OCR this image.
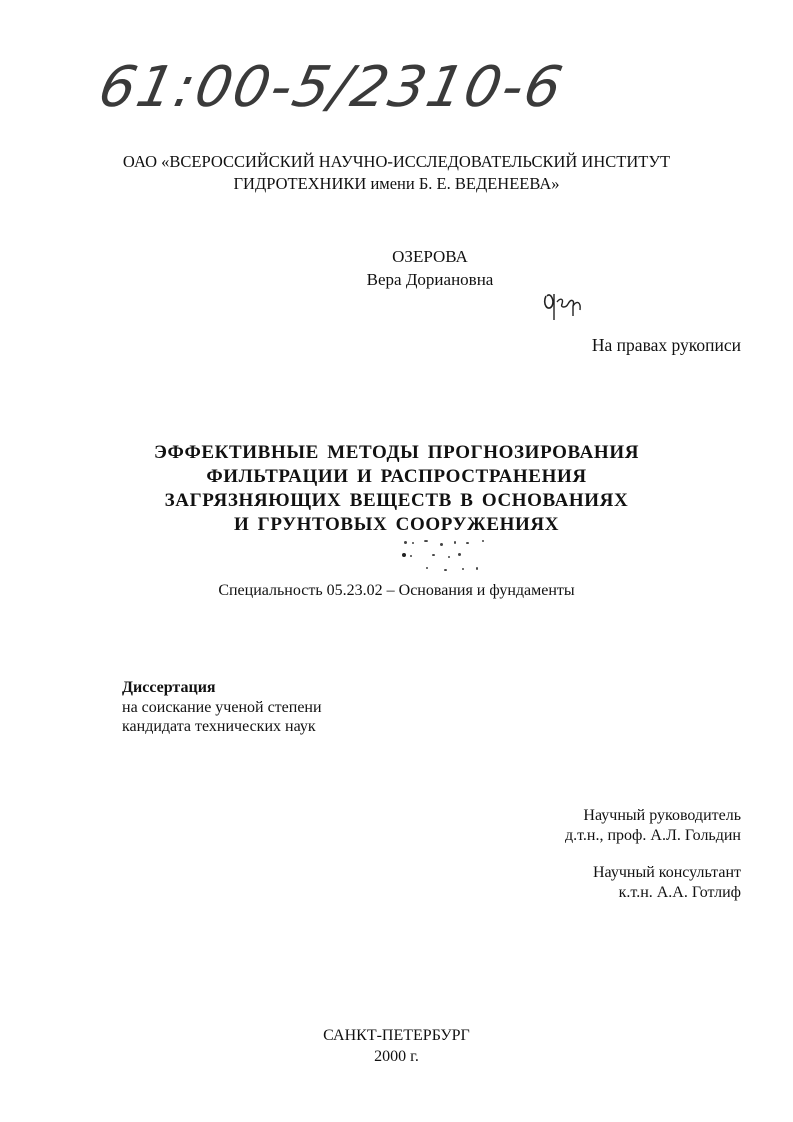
61:00-5/2310-6
ОАО «ВСЕРОССИЙСКИЙ НАУЧНО-ИССЛЕДОВАТЕЛЬСКИЙ ИНСТИТУТ
ГИДРОТЕХНИКИ имени Б. Е. ВЕДЕНЕЕВА»
ОЗЕРОВА
Вера Дориановна
На правах рукописи
ЭФФЕКТИВНЫЕ МЕТОДЫ ПРОГНОЗИРОВАНИЯ
ФИЛЬТРАЦИИ И РАСПРОСТРАНЕНИЯ
ЗАГРЯЗНЯЮЩИХ ВЕЩЕСТВ В ОСНОВАНИЯХ
И ГРУНТОВЫХ СООРУЖЕНИЯХ
Специальность 05.23.02 – Основания и фундаменты
Диссертация
на соискание ученой степени
кандидата технических наук
Научный руководитель
д.т.н., проф. А.Л. Гольдин
Научный консультант
к.т.н. А.А. Готлиф
САНКТ-ПЕТЕРБУРГ
2000 г.
